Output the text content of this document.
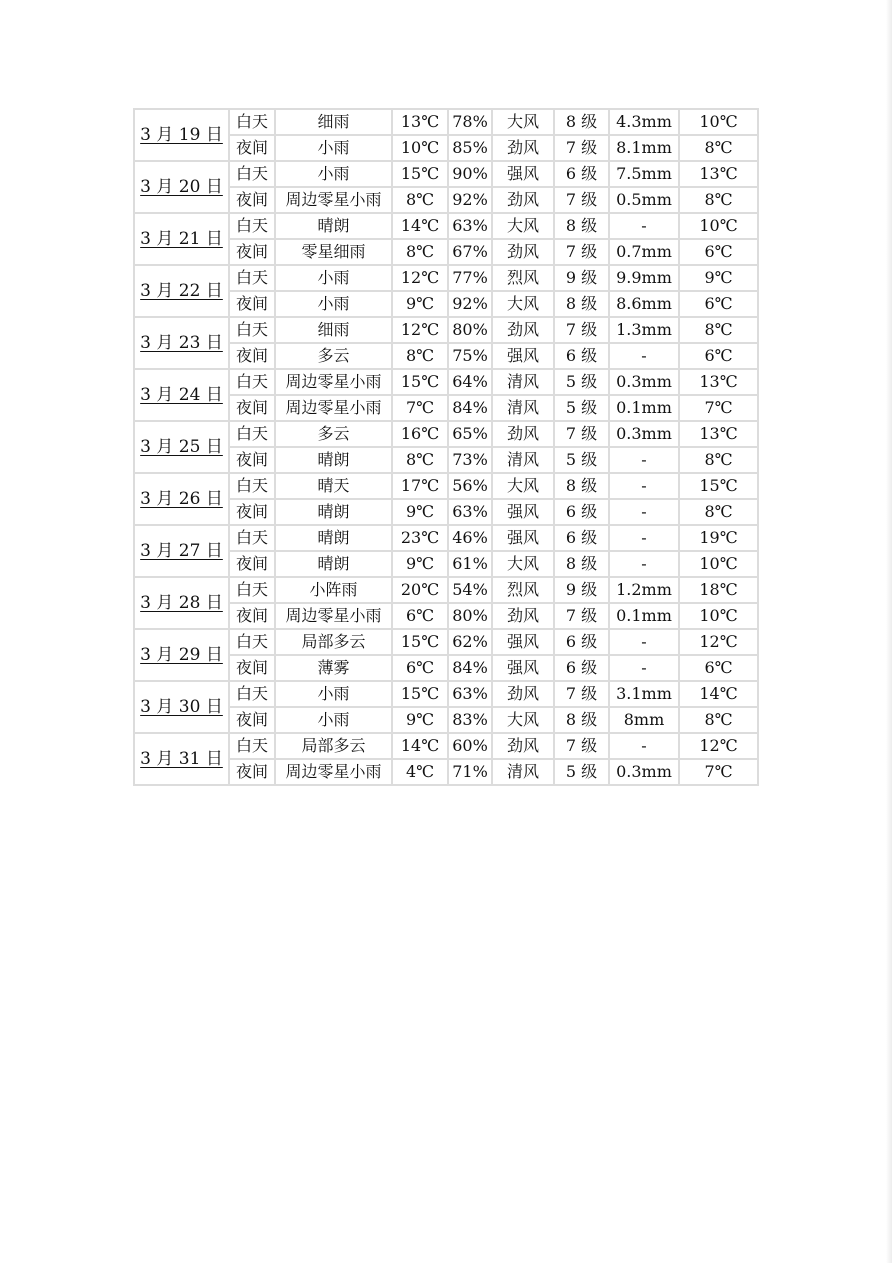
3 月 19 日	白天	细雨	13℃	78%	大风	8 级	4.3mm	10℃
	夜间	小雨	10℃	85%	劲风	7 级	8.1mm	8℃
3 月 20 日	白天	小雨	15℃	90%	强风	6 级	7.5mm	13℃
	夜间	周边零星小雨	8℃	92%	劲风	7 级	0.5mm	8℃
3 月 21 日	白天	晴朗	14℃	63%	大风	8 级	-	10℃
	夜间	零星细雨	8℃	67%	劲风	7 级	0.7mm	6℃
3 月 22 日	白天	小雨	12℃	77%	烈风	9 级	9.9mm	9℃
	夜间	小雨	9℃	92%	大风	8 级	8.6mm	6℃
3 月 23 日	白天	细雨	12℃	80%	劲风	7 级	1.3mm	8℃
	夜间	多云	8℃	75%	强风	6 级	-	6℃
3 月 24 日	白天	周边零星小雨	15℃	64%	清风	5 级	0.3mm	13℃
	夜间	周边零星小雨	7℃	84%	清风	5 级	0.1mm	7℃
3 月 25 日	白天	多云	16℃	65%	劲风	7 级	0.3mm	13℃
	夜间	晴朗	8℃	73%	清风	5 级	-	8℃
3 月 26 日	白天	晴天	17℃	56%	大风	8 级	-	15℃
	夜间	晴朗	9℃	63%	强风	6 级	-	8℃
3 月 27 日	白天	晴朗	23℃	46%	强风	6 级	-	19℃
	夜间	晴朗	9℃	61%	大风	8 级	-	10℃
3 月 28 日	白天	小阵雨	20℃	54%	烈风	9 级	1.2mm	18℃
	夜间	周边零星小雨	6℃	80%	劲风	7 级	0.1mm	10℃
3 月 29 日	白天	局部多云	15℃	62%	强风	6 级	-	12℃
	夜间	薄雾	6℃	84%	强风	6 级	-	6℃
3 月 30 日	白天	小雨	15℃	63%	劲风	7 级	3.1mm	14℃
	夜间	小雨	9℃	83%	大风	8 级	8mm	8℃
3 月 31 日	白天	局部多云	14℃	60%	劲风	7 级	-	12℃
	夜间	周边零星小雨	4℃	71%	清风	5 级	0.3mm	7℃
